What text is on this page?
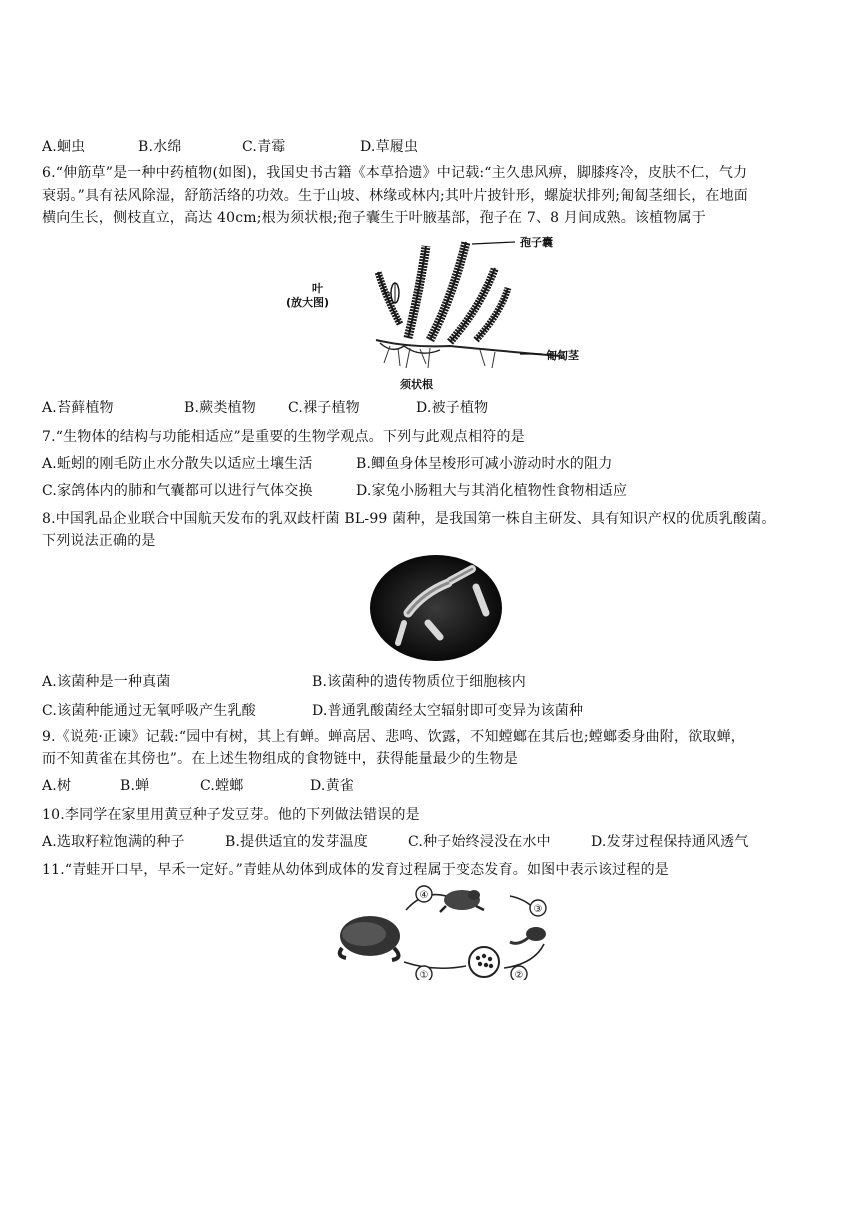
A.蛔虫	B.水绵	C.青霉	D.草履虫
6.“伸筋草”是一种中药植物(如图)，我国史书古籍《本草拾遗》中记载:“主久患风痹，脚膝疼冷，皮肤不仁，气力
衰弱。”具有祛风除湿，舒筋活络的功效。生于山坡、林缘或林内;其叶片披针形，螺旋状排列;匍匐茎细长，在地面
横向生长，侧枝直立，高达 40cm;根为须状根;孢子囊生于叶腋基部，孢子在 7、8 月间成熟。该植物属于
孢子囊
叶
(放大图)
匍匐茎
须状根
A.苔藓植物	B.蕨类植物	C.裸子植物	D.被子植物
7.“生物体的结构与功能相适应”是重要的生物学观点。下列与此观点相符的是
A.蚯蚓的刚毛防止水分散失以适应土壤生活	B.鲫鱼身体呈梭形可减小游动时水的阻力
C.家鸽体内的肺和气囊都可以进行气体交换	D.家兔小肠粗大与其消化植物性食物相适应
8.中国乳品企业联合中国航天发布的乳双歧杆菌 BL-99 菌种，是我国第一株自主研发、具有知识产权的优质乳酸菌。
下列说法正确的是
A.该菌种是一种真菌	B.该菌种的遗传物质位于细胞核内
C.该菌种能通过无氧呼吸产生乳酸	D.普通乳酸菌经太空辐射即可变异为该菌种
9.《说苑·正谏》记载:“园中有树，其上有蝉。蝉高居、悲鸣、饮露，不知螳螂在其后也;螳螂委身曲附，欲取蝉，
而不知黄雀在其傍也”。在上述生物组成的食物链中，获得能量最少的生物是
A.树	B.蝉	C.螳螂	D.黄雀
10.李同学在家里用黄豆种子发豆芽。他的下列做法错误的是
A.选取籽粒饱满的种子	B.提供适宜的发芽温度	C.种子始终浸没在水中	D.发芽过程保持通风透气
11.“青蛙开口早，早禾一定好。”青蛙从幼体到成体的发育过程属于变态发育。如图中表示该过程的是
①	②
③
④
